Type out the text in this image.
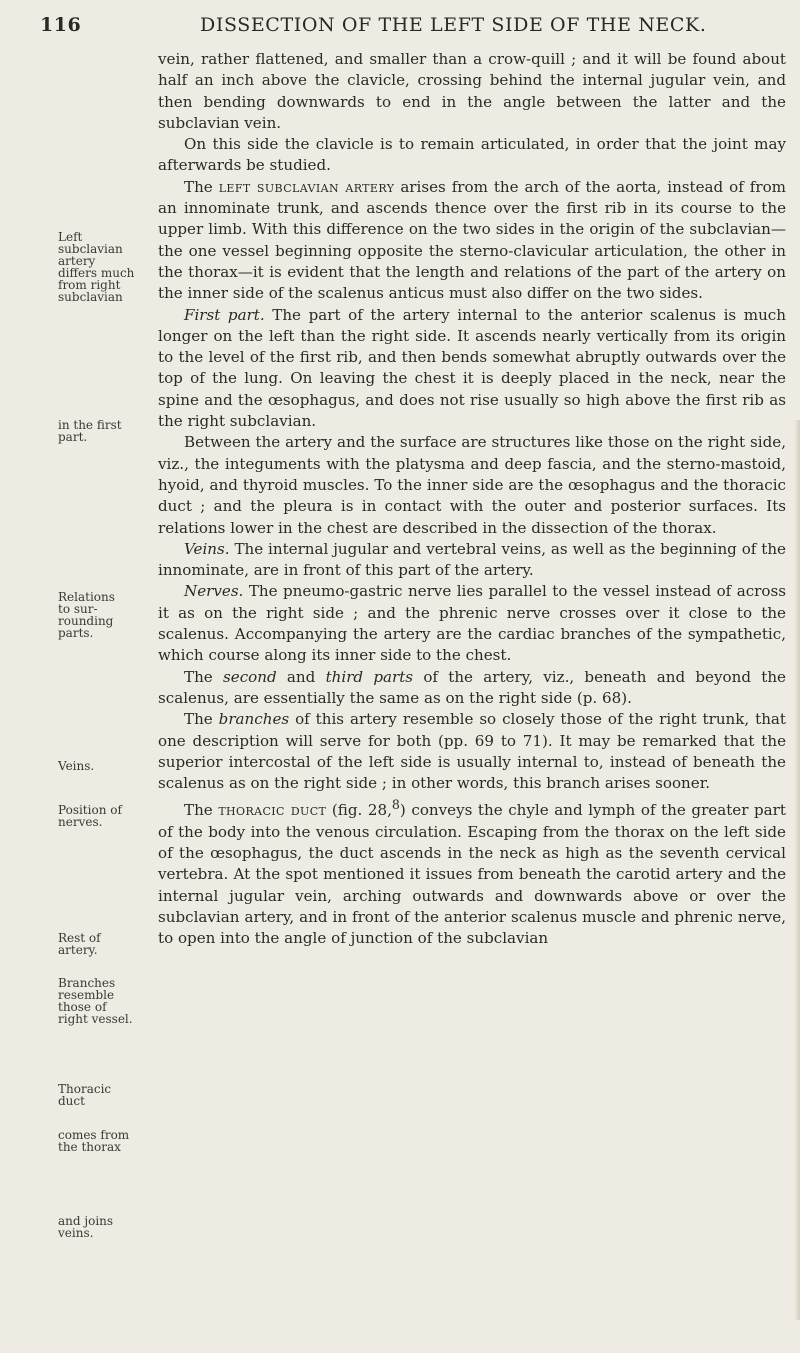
116	DISSECTION OF THE LEFT SIDE OF THE NECK.
Left
subclavian
artery
differs much
from right
subclavian
in the first
part.
Relations
to sur-
rounding
parts.
Veins.
Position of
nerves.
Rest of
artery.
Branches
resemble
those of
right vessel.
Thoracic
duct
comes from
the thorax
and joins
veins.

vein, rather flattened, and smaller than a crow-quill ; and it will be found about half an inch above the clavicle, crossing behind the internal jugular vein, and then bending downwards to end in the angle between the latter and the subclavian vein.

On this side the clavicle is to remain articulated, in order that the joint may afterwards be studied.

The left subclavian artery arises from the arch of the aorta, instead of from an innominate trunk, and ascends thence over the first rib in its course to the upper limb. With this difference on the two sides in the origin of the subclavian—the one vessel beginning opposite the sterno-clavicular articulation, the other in the thorax—it is evident that the length and relations of the part of the artery on the inner side of the scalenus anticus must also differ on the two sides.

First part. The part of the artery internal to the anterior scalenus is much longer on the left than the right side. It ascends nearly vertically from its origin to the level of the first rib, and then bends somewhat abruptly outwards over the top of the lung. On leaving the chest it is deeply placed in the neck, near the spine and the œsophagus, and does not rise usually so high above the first rib as the right subclavian.

Between the artery and the surface are structures like those on the right side, viz., the integuments with the platysma and deep fascia, and the sterno-mastoid, hyoid, and thyroid muscles. To the inner side are the œsophagus and the thoracic duct ; and the pleura is in contact with the outer and posterior surfaces. Its relations lower in the chest are described in the dissection of the thorax.

Veins. The internal jugular and vertebral veins, as well as the beginning of the innominate, are in front of this part of the artery.

Nerves. The pneumo-gastric nerve lies parallel to the vessel instead of across it as on the right side ; and the phrenic nerve crosses over it close to the scalenus. Accompanying the artery are the cardiac branches of the sympathetic, which course along its inner side to the chest.

The second and third parts of the artery, viz., beneath and beyond the scalenus, are essentially the same as on the right side (p. 68).

The branches of this artery resemble so closely those of the right trunk, that one description will serve for both (pp. 69 to 71). It may be remarked that the superior intercostal of the left side is usually internal to, instead of beneath the scalenus as on the right side ; in other words, this branch arises sooner.

The thoracic duct (fig. 28,$^8$) conveys the chyle and lymph of the greater part of the body into the venous circulation. Escaping from the thorax on the left side of the œsophagus, the duct ascends in the neck as high as the seventh cervical vertebra. At the spot mentioned it issues from beneath the carotid artery and the internal jugular vein, arching outwards and downwards above or over the subclavian artery, and in front of the anterior scalenus muscle and phrenic nerve, to open into the angle of junction of the subclavian
